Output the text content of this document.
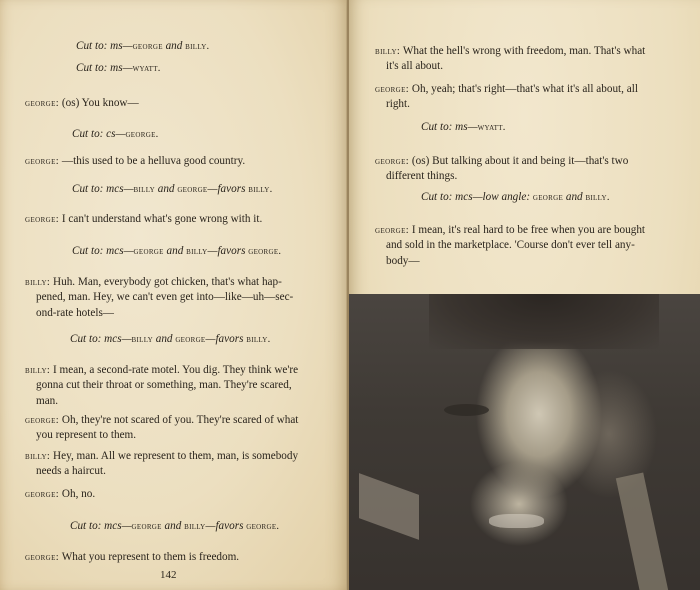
Cut to: ms—george and billy.
Cut to: ms—wyatt.
george: (os) You know—
Cut to: cs—george.
george: —this used to be a helluva good country.
Cut to: mcs—billy and george—favors billy.
george: I can't understand what's gone wrong with it.
Cut to: mcs—george and billy—favors george.
billy: Huh. Man, everybody got chicken, that's what hap-
pened, man. Hey, we can't even get into—like—uh—sec-
ond-rate hotels—
Cut to: mcs—billy and george—favors billy.
billy: I mean, a second-rate motel. You dig. They think we're
gonna cut their throat or something, man. They're scared,
man.
george: Oh, they're not scared of you. They're scared of what
you represent to them.
billy: Hey, man. All we represent to them, man, is somebody
needs a haircut.
george: Oh, no.
Cut to: mcs—george and billy—favors george.
george: What you represent to them is freedom.
142
billy: What the hell's wrong with freedom, man. That's what
it's all about.
george: Oh, yeah; that's right—that's what it's all about, all
right.
Cut to: ms—wyatt.
george: (os) But talking about it and being it—that's two
different things.
Cut to: mcs—low angle: george and billy.
george: I mean, it's real hard to be free when you are bought
and sold in the marketplace. 'Course don't ever tell any-
body—
